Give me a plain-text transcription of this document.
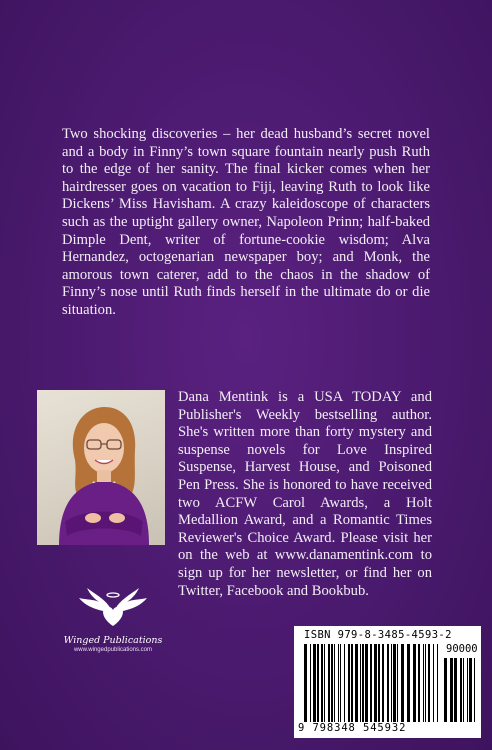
Two shocking discoveries – her dead husband’s secret novel and a body in Finny’s town square fountain nearly push Ruth to the edge of her sanity. The final kicker comes when her hairdresser goes on vacation to Fiji, leaving Ruth to look like Dickens’ Miss Havisham. A crazy kaleidoscope of characters such as the uptight gallery owner, Napoleon Prinn; half-baked Dimple Dent, writer of fortune-cookie wisdom; Alva Hernandez, octogenarian newspaper boy; and Monk, the amorous town caterer, add to the chaos in the shadow of Finny’s nose until Ruth finds herself in the ultimate do or die situation.
Dana Mentink is a USA TODAY and Publisher's Weekly bestselling author. She's written more than forty mystery and suspense novels for Love Inspired Suspense, Harvest House, and Poisoned Pen Press. She is honored to have received two ACFW Carol Awards, a Holt Medallion Award, and a Romantic Times Reviewer's Choice Award. Please visit her on the web at www.danamentink.com to sign up for her newsletter, or find her on Twitter, Facebook and Bookbub.
Winged Publications
www.wingedpublications.com
ISBN 979-8-3485-4593-2
90000
9 798348 545932
